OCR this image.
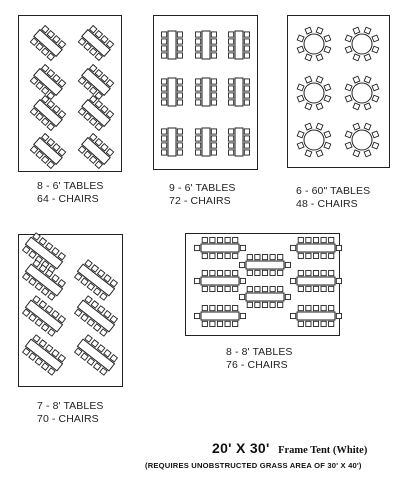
8 - 6' TABLES
64 - CHAIRS
9 - 6' TABLES
72 - CHAIRS
6 - 60" TABLES
48 - CHAIRS
7 - 8' TABLES
70 - CHAIRS
8 - 8' TABLES
76 - CHAIRS
20' X 30' Frame Tent (White)
(REQUIRES UNOBSTRUCTED GRASS AREA OF 30' X 40')
